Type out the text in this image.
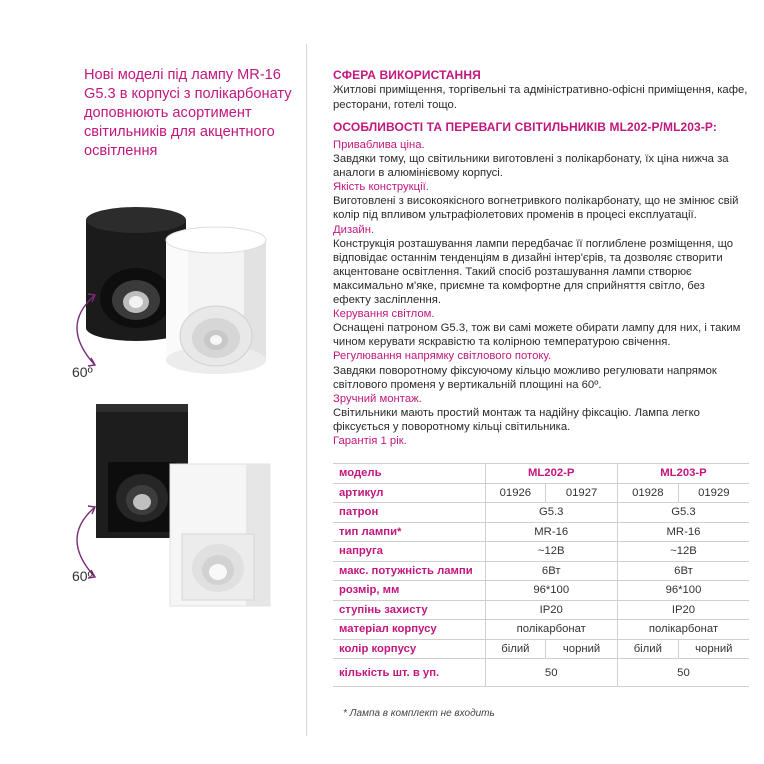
Нові моделі під лампу MR-16 G5.3 в корпусі з полікарбонату доповнюють асортимент світильників для акцентного освітлення
60º
60º
СФЕРА ВИКОРИСТАННЯ
Житлові приміщення, торгівельні та адміністративно-офісні приміщення, кафе, ресторани, готелі тощо.
ОСОБЛИВОСТІ ТА ПЕРЕВАГИ СВІТИЛЬНИКІВ ML202-Р/ML203-Р:
Приваблива ціна.
Завдяки тому, що світильники виготовлені з полікарбонату, їх ціна нижча за аналоги в алюмінієвому корпусі.
Якість конструкції.
Виготовлені з високоякісного вогнетривкого полікарбонату, що не змінює свій колір під впливом ультрафіолетових променів в процесі експлуатації.
Дизайн.
Конструкція розташування лампи передбачає її поглиблене розміщення, що відповідає останнім тенденціям в дизайні інтер'єрів, та дозволяє створити акцентоване освітлення. Такий спосіб розташування лампи створює максимально м'яке, приємне та комфортне для сприйняття світло, без ефекту засліплення.
Керування світлом.
Оснащені патроном G5.3, тож ви самі можете обирати лампу для них, і таким чином керувати яскравістю та колірною температурою свічення.
Регулювання напрямку світлового потоку.
Завдяки поворотному фіксуючому кільцю можливо регулювати напрямок світлового променя у вертикальній площині на 60º.
Зручний монтаж.
Світильники мають простий монтаж та надійну фіксацію. Лампа легко фіксується у поворотному кільці світильника.
Гарантія 1 рік.
модель	ML202-P		ML203-P	
артикул	01926	01927	01928	01929
патрон	G5.3		G5.3	
тип лампи*	MR-16		MR-16	
напруга	~12В		~12В	
макс. потужність лампи	6Вт		6Вт	
розмір, мм	96*100		96*100	
ступінь захисту	IP20		IP20	
матеріал корпусу	полікарбонат		полікарбонат	
колір корпусу	білий	чорний	білий	чорний
кількість шт. в уп.	50		50	
* Лампа в комплект не входить
